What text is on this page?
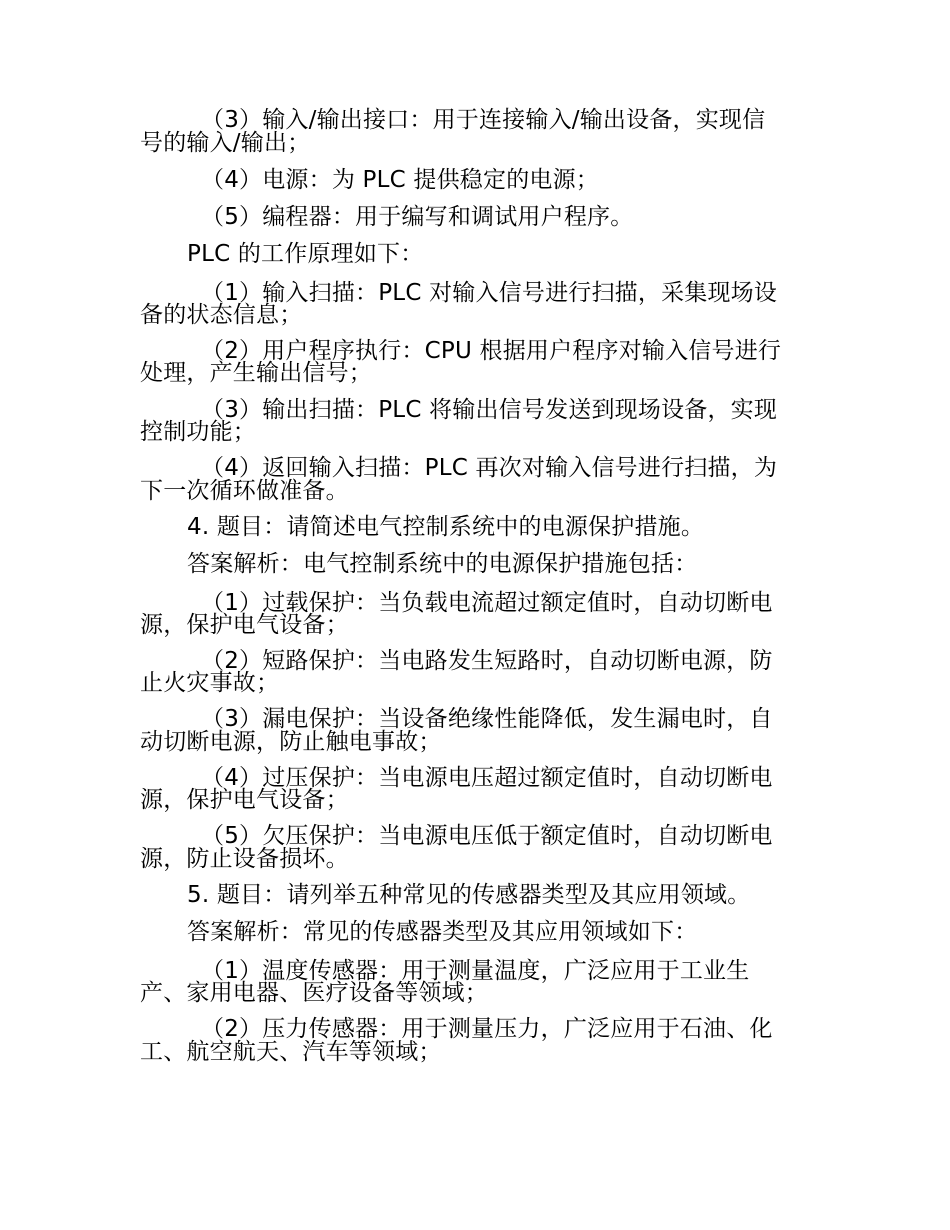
（3）输入/输出接口：用于连接输入/输出设备，实现信

号的输入/输出；

（4）电源：为 PLC 提供稳定的电源；

（5）编程器：用于编写和调试用户程序。

PLC 的工作原理如下：

（1）输入扫描：PLC 对输入信号进行扫描，采集现场设

备的状态信息；

（2）用户程序执行：CPU 根据用户程序对输入信号进行

处理，产生输出信号；

（3）输出扫描：PLC 将输出信号发送到现场设备，实现

控制功能；

（4）返回输入扫描：PLC 再次对输入信号进行扫描，为

下一次循环做准备。

4. 题目：请简述电气控制系统中的电源保护措施。

答案解析：电气控制系统中的电源保护措施包括：

（1）过载保护：当负载电流超过额定值时，自动切断电

源，保护电气设备；

（2）短路保护：当电路发生短路时，自动切断电源，防

止火灾事故；

（3）漏电保护：当设备绝缘性能降低，发生漏电时，自

动切断电源，防止触电事故；

（4）过压保护：当电源电压超过额定值时，自动切断电

源，保护电气设备；

（5）欠压保护：当电源电压低于额定值时，自动切断电

源，防止设备损坏。

5. 题目：请列举五种常见的传感器类型及其应用领域。

答案解析：常见的传感器类型及其应用领域如下：

（1）温度传感器：用于测量温度，广泛应用于工业生

产、家用电器、医疗设备等领域；

（2）压力传感器：用于测量压力，广泛应用于石油、化

工、航空航天、汽车等领域；
